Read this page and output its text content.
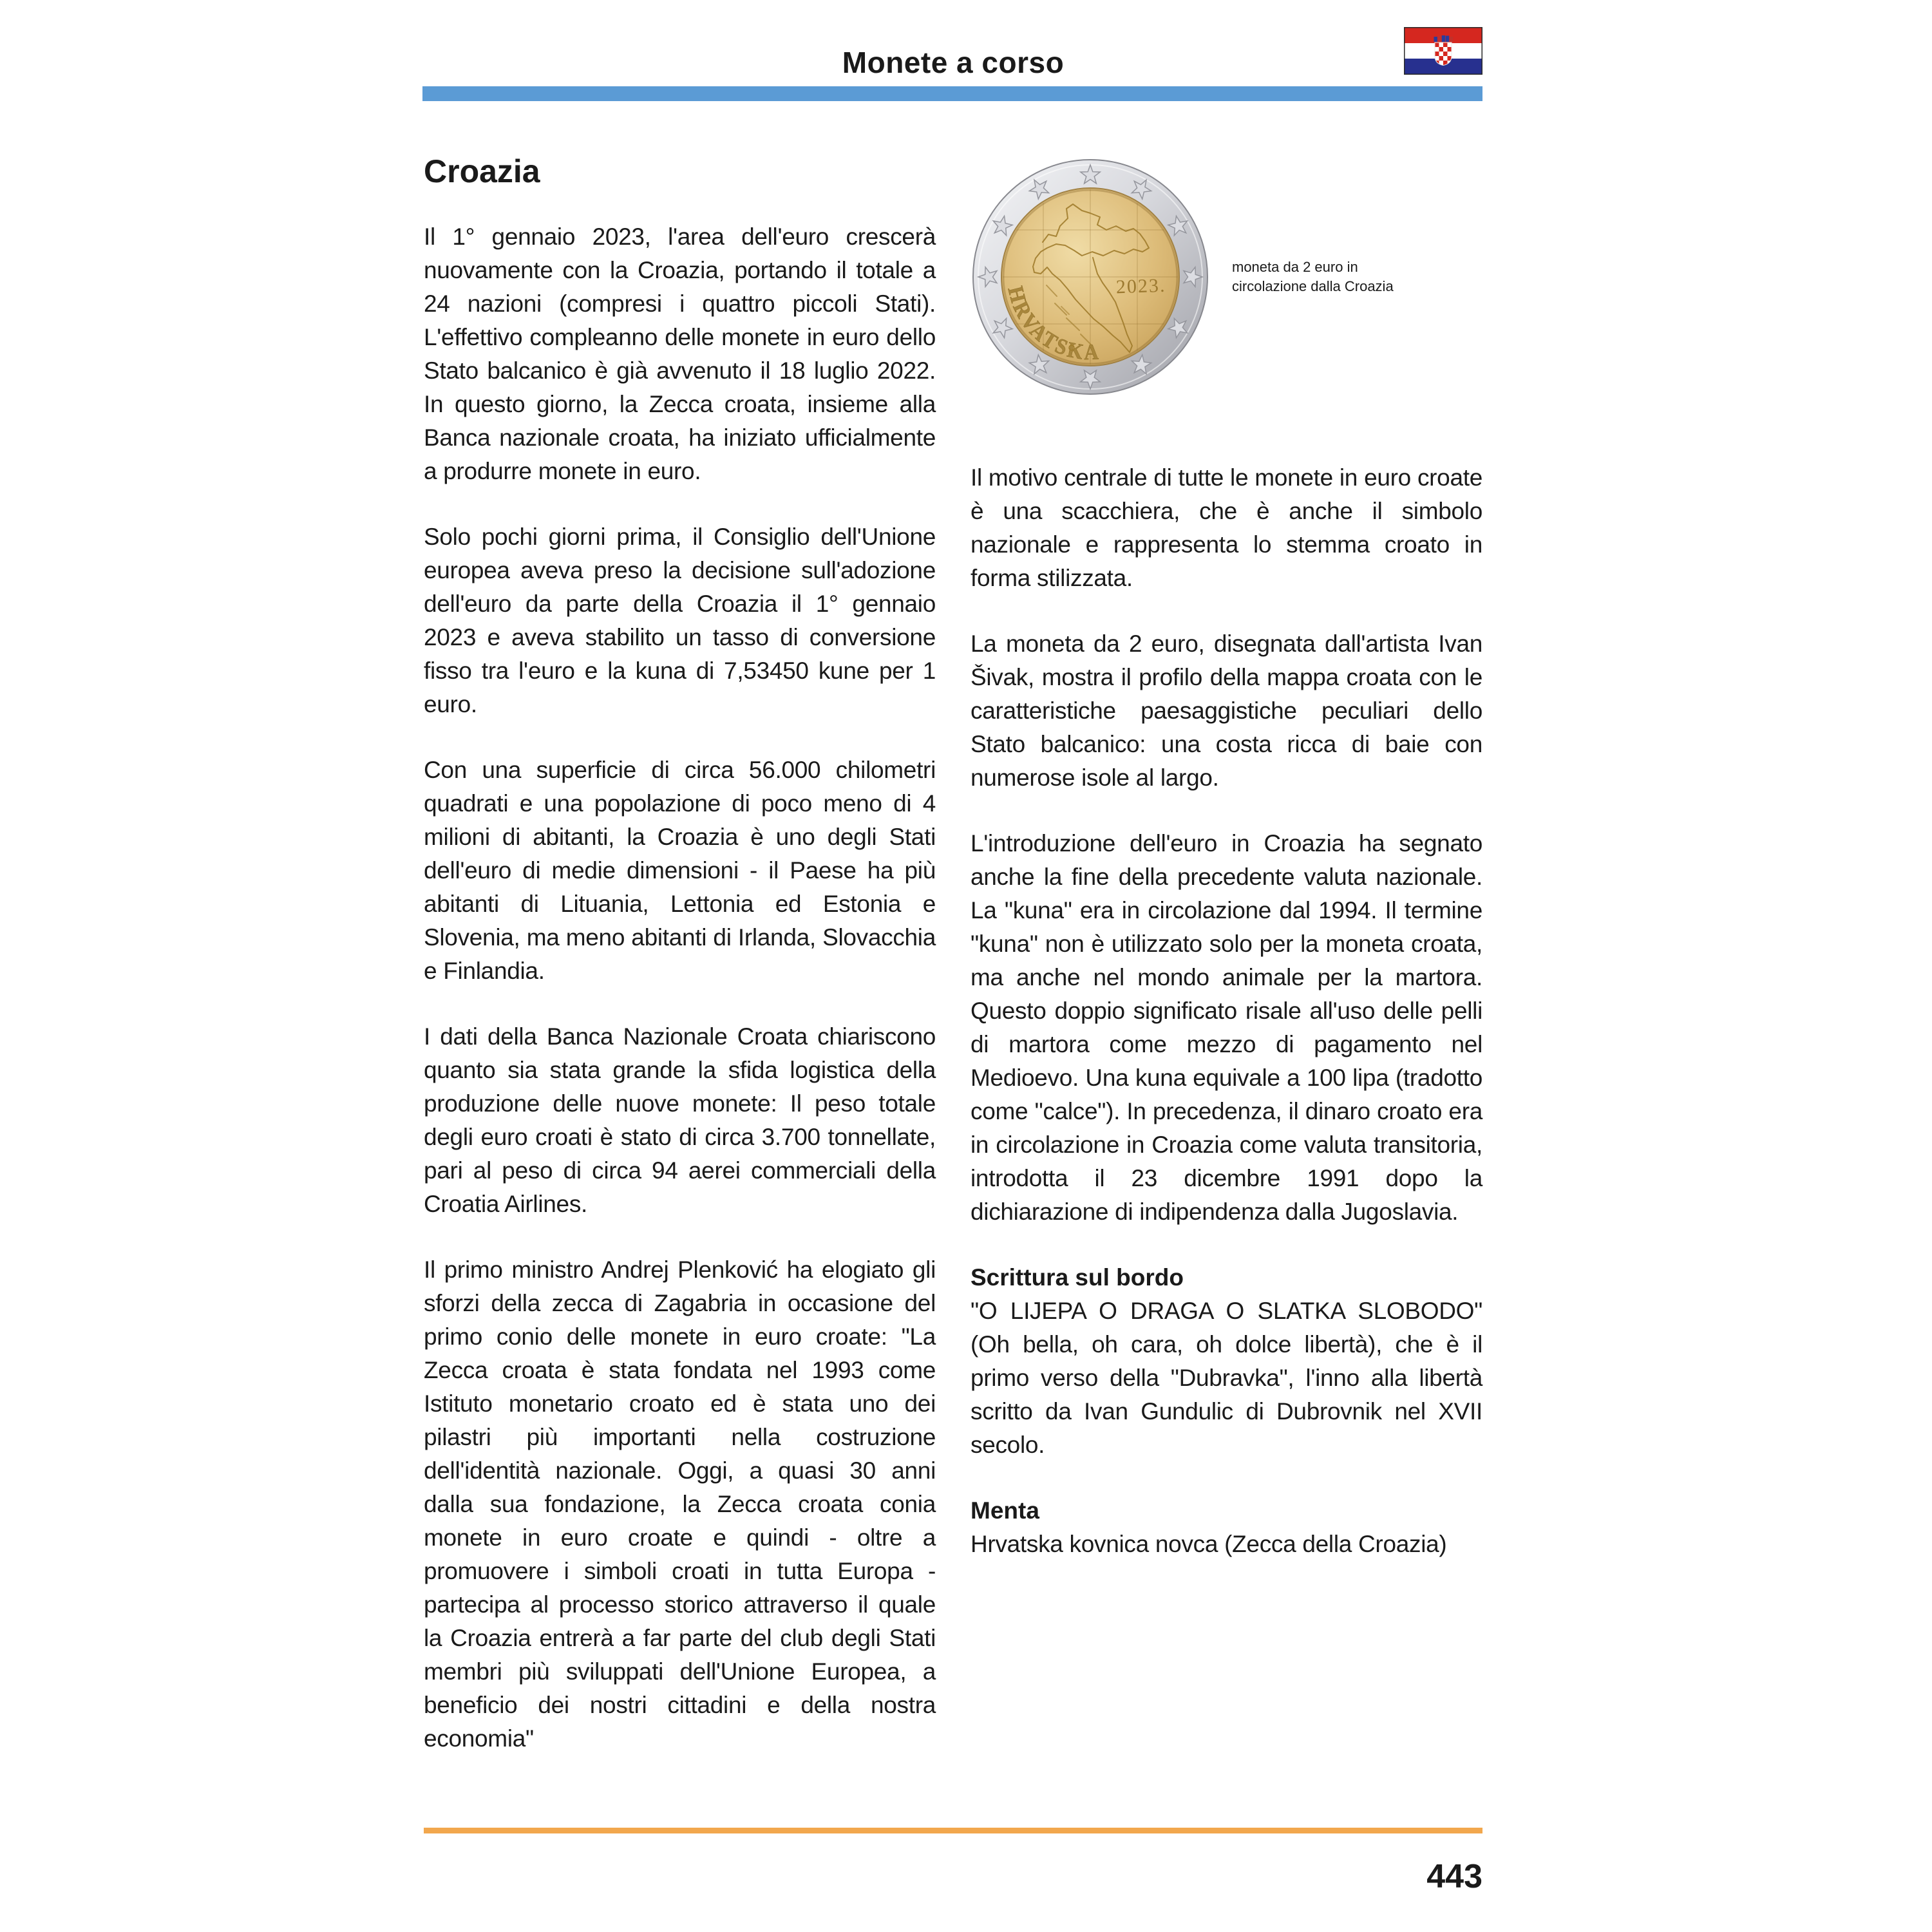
Monete a corso
Croazia

Il 1° gennaio 2023, l'area dell'euro crescerà nuovamente con la Croazia, portando il totale a 24 nazioni (compresi i quattro piccoli Stati). L'effettivo compleanno delle monete in euro dello Stato balcanico è già avvenuto il 18 luglio 2022. In questo giorno, la Zecca croata, insieme alla Banca nazionale croata, ha iniziato ufficialmente a produrre monete in euro.

Solo pochi giorni prima, il Consiglio dell'Unione europea aveva preso la decisione sull'adozione dell'euro da parte della Croazia il 1° gennaio 2023 e aveva stabilito un tasso di conversione fisso tra l'euro e la kuna di 7,53450 kune per 1 euro.

Con una superficie di circa 56.000 chilometri quadrati e una popolazione di poco meno di 4 milioni di abitanti, la Croazia è uno degli Stati dell'euro di medie dimensioni - il Paese ha più abitanti di Lituania, Lettonia ed Estonia e Slovenia, ma meno abitanti di Irlanda, Slovacchia e Finlandia.

I dati della Banca Nazionale Croata chiariscono quanto sia stata grande la sfida logistica della produzione delle nuove monete: Il peso totale degli euro croati è stato di circa 3.700 tonnellate, pari al peso di circa 94 aerei commerciali della Croatia Airlines.

Il primo ministro Andrej Plenković ha elogiato gli sforzi della zecca di Zagabria in occasione del primo conio delle monete in euro croate: "La Zecca croata è stata fondata nel 1993 come Istituto monetario croato ed è stata uno dei pilastri più importanti nella costruzione dell'identità nazionale. Oggi, a quasi 30 anni dalla sua fondazione, la Zecca croata conia monete in euro croate e quindi - oltre a promuovere i simboli croati in tutta Europa - partecipa al processo storico attraverso il quale la Croazia entrerà a far parte del club degli Stati membri più sviluppati dell'Unione Europea, a beneficio dei nostri cittadini e della nostra economia"

2023.
HRVATSKA
moneta da 2 euro in circolazione dalla Croazia

Il motivo centrale di tutte le monete in euro croate è una scacchiera, che è anche il simbolo nazionale e rappresenta lo stemma croato in forma stilizzata.

La moneta da 2 euro, disegnata dall'artista Ivan Šivak, mostra il profilo della mappa croata con le caratteristiche paesaggistiche peculiari dello Stato balcanico: una costa ricca di baie con numerose isole al largo.

L'introduzione dell'euro in Croazia ha segnato anche la fine della precedente valuta nazionale. La "kuna" era in circolazione dal 1994. Il termine "kuna" non è utilizzato solo per la moneta croata, ma anche nel mondo animale per la martora. Questo doppio significato risale all'uso delle pelli di martora come mezzo di pagamento nel Medioevo. Una kuna equivale a 100 lipa (tradotto come "calce"). In precedenza, il dinaro croato era in circolazione in Croazia come valuta transitoria, introdotta il 23 dicembre 1991 dopo la dichiarazione di indipendenza dalla Jugoslavia.

Scrittura sul bordo

"O LIJEPA O DRAGA O SLATKA SLOBODO" (Oh bella, oh cara, oh dolce libertà), che è il primo verso della "Dubravka", l'inno alla libertà scritto da Ivan Gundulic di Dubrovnik nel XVII secolo.

Menta

Hrvatska kovnica novca (Zecca della Croazia)

443
